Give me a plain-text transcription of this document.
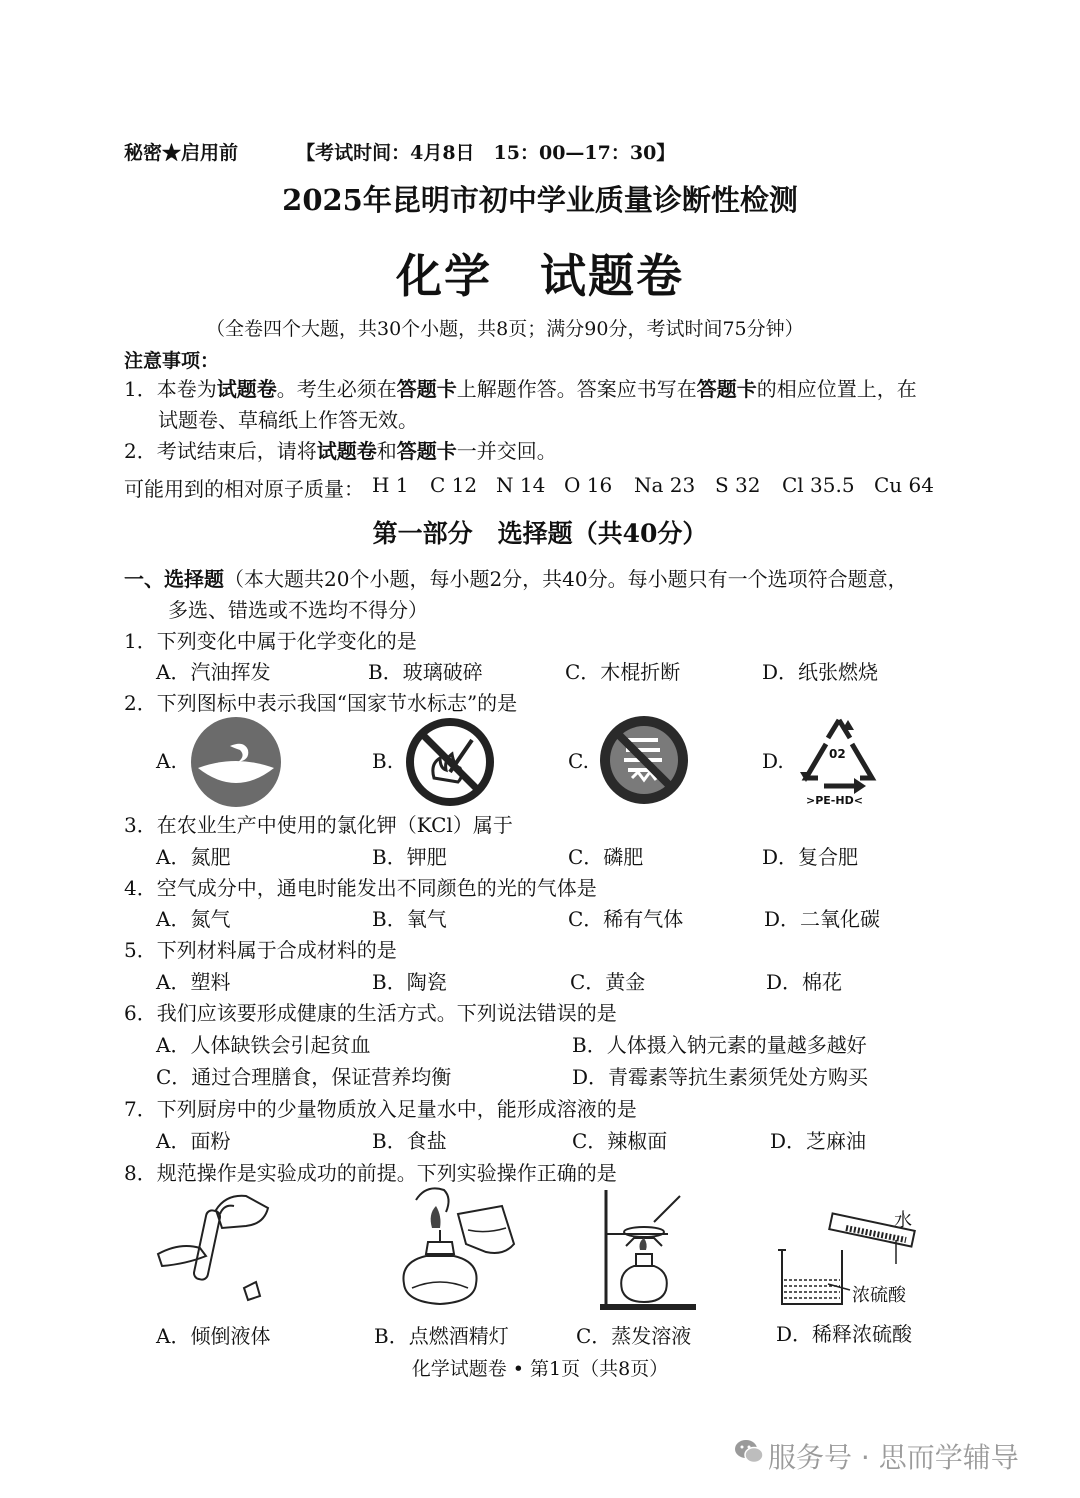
秘密★启用前	【考试时间：4月8日　15：00—17：30】
2025年昆明市初中学业质量诊断性检测
化学　试题卷
（全卷四个大题，共30个小题，共8页；满分90分，考试时间75分钟）
注意事项：
1．本卷为试题卷。考生必须在答题卡上解题作答。答案应书写在答题卡的相应位置上，在
试题卷、草稿纸上作答无效。
2．考试结束后，请将试题卷和答题卡一并交回。
可能用到的相对原子质量： H 1 C 12 N 14 O 16 Na 23 S 32 Cl 35.5 Cu 64
第一部分　选择题（共40分）
一、选择题（本大题共20个小题，每小题2分，共40分。每小题只有一个选项符合题意，
多选、错选或不选均不得分）
1．下列变化中属于化学变化的是
A．汽油挥发	B．玻璃破碎	C．木棍折断	D．纸张燃烧
2．下列图标中表示我国“国家节水标志”的是
A.	B.	C.	D.	02
>PE-HD<
3．在农业生产中使用的氯化钾（KCl）属于
A．氮肥	B．钾肥	C．磷肥	D．复合肥
4．空气成分中，通电时能发出不同颜色的光的气体是
A．氮气	B．氧气	C．稀有气体	D．二氧化碳
5．下列材料属于合成材料的是
A．塑料	B．陶瓷	C．黄金	D．棉花
6．我们应该要形成健康的生活方式。下列说法错误的是
A．人体缺铁会引起贫血	B．人体摄入钠元素的量越多越好
C．通过合理膳食，保证营养均衡	D．青霉素等抗生素须凭处方购买
7．下列厨房中的少量物质放入足量水中，能形成溶液的是
A．面粉	B．食盐	C．辣椒面	D．芝麻油
8．规范操作是实验成功的前提。下列实验操作正确的是
水
浓硫酸
A．倾倒液体	B．点燃酒精灯	C．蒸发溶液	D．稀释浓硫酸
化学试题卷 • 第1页（共8页）
服务号 · 思而学辅导
